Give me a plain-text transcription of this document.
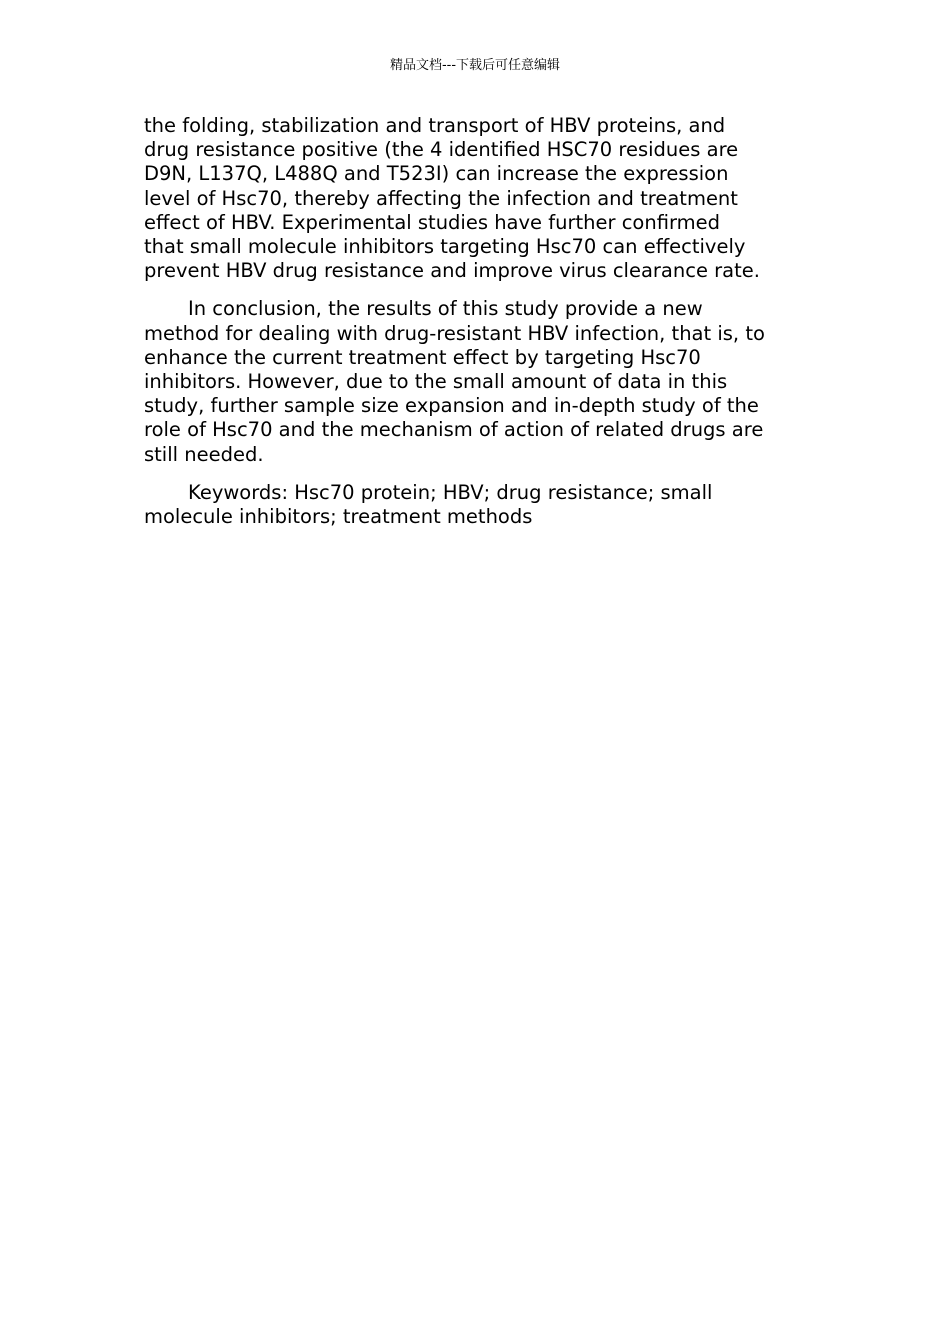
精品文档---下载后可任意编辑
the folding, stabilization and transport of HBV proteins, and
drug resistance positive (the 4 identified HSC70 residues are
D9N, L137Q, L488Q and T523I) can increase the expression
level of Hsc70, thereby affecting the infection and treatment
effect of HBV. Experimental studies have further confirmed
that small molecule inhibitors targeting Hsc70 can effectively
prevent HBV drug resistance and improve virus clearance rate.
In conclusion, the results of this study provide a new
method for dealing with drug-resistant HBV infection, that is, to
enhance the current treatment effect by targeting Hsc70
inhibitors. However, due to the small amount of data in this
study, further sample size expansion and in-depth study of the
role of Hsc70 and the mechanism of action of related drugs are
still needed.
Keywords: Hsc70 protein; HBV; drug resistance; small
molecule inhibitors; treatment methods
